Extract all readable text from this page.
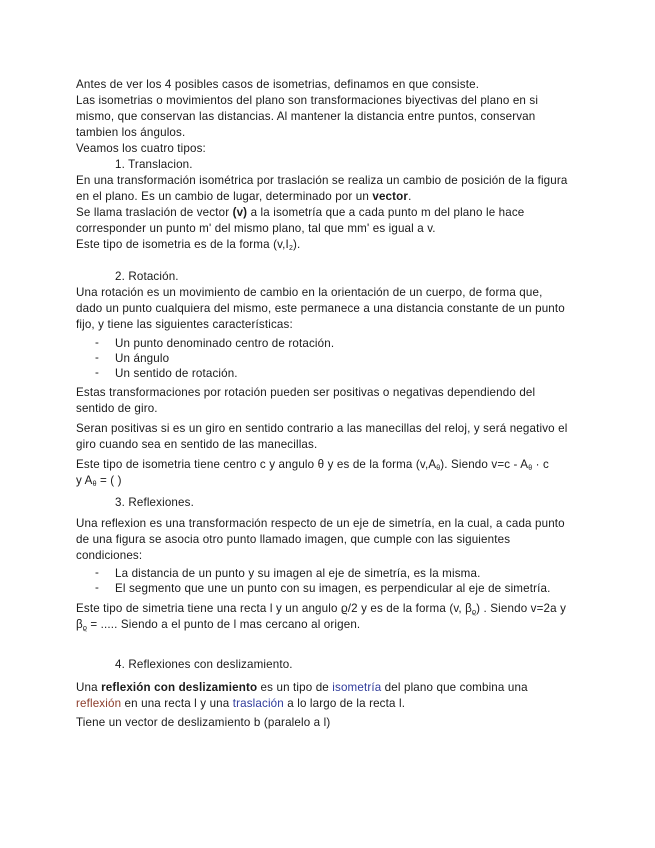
Antes de ver los 4 posibles casos de isometrias, definamos en que consiste.
Las isometrias o movimientos del plano son transformaciones biyectivas del plano en si
mismo, que conservan las distancias. Al mantener la distancia entre puntos, conservan
tambien los ángulos.
Veamos los cuatro tipos:
1. Translacion.
En una transformación isométrica por traslación se realiza un cambio de posición de la figura
en el plano. Es un cambio de lugar, determinado por un vector.
Se llama traslación de vector (v) a la isometría que a cada punto m del plano le hace
corresponder un punto m' del mismo plano, tal que mm' es igual a v.
Este tipo de isometria es de la forma $(v,I_2)$.
2. Rotación.
Una rotación es un movimiento de cambio en la orientación de un cuerpo, de forma que,
dado un punto cualquiera del mismo, este permanece a una distancia constante de un punto
fijo, y tiene las siguientes características:
- Un punto denominado centro de rotación.
- Un ángulo
- Un sentido de rotación.
Estas transformaciones por rotación pueden ser positivas o negativas dependiendo del
sentido de giro.
Seran positivas si es un giro en sentido contrario a las manecillas del reloj, y será negativo el
giro cuando sea en sentido de las manecillas.
Este tipo de isometria tiene centro c y angulo θ y es de la forma $(v,A_\theta)$. Siendo $v=c - A_\theta \cdot c$
y $A_\theta$ = ( )
3. Reflexiones.
Una reflexion es una transformación respecto de un eje de simetría, en la cual, a cada punto
de una figura se asocia otro punto llamado imagen, que cumple con las siguientes
condiciones:
- La distancia de un punto y su imagen al eje de simetría, es la misma.
- El segmento que une un punto con su imagen, es perpendicular al eje de simetría.
Este tipo de simetria tiene una recta l y un angulo ϱ/2 y es de la forma (v, $\beta_ϱ$) . Siendo v=2a y
$\beta_ϱ$ = ..... Siendo a el punto de l mas cercano al origen.
4. Reflexiones con deslizamiento.
Una reflexión con deslizamiento es un tipo de isometría del plano que combina una
reflexión en una recta l y una traslación a lo largo de la recta l.
Tiene un vector de deslizamiento b (paralelo a l)
